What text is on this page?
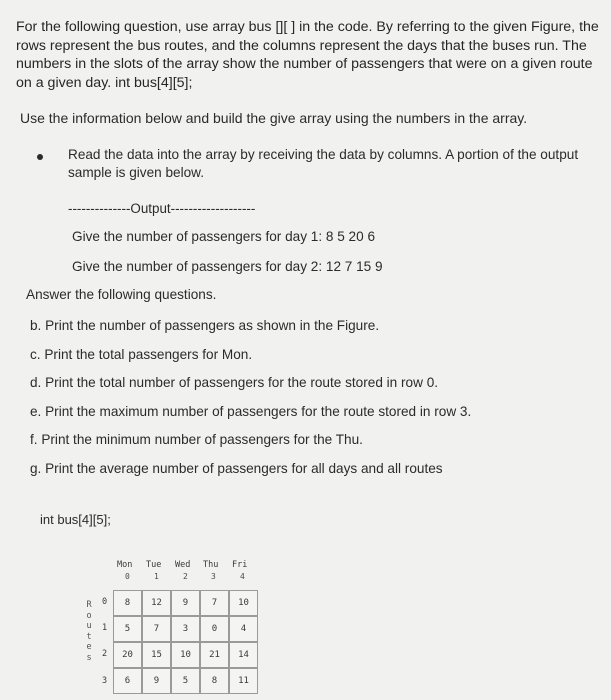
For the following question, use array bus [][ ] in the code. By referring to the given Figure, the rows represent the bus routes, and the columns represent the days that the buses run. The numbers in the slots of the array show the number of passengers that were on a given route on a given day. int bus[4][5];
Use the information below and build the give array using the numbers in the array.
Read the data into the array by receiving the data by columns. A portion of the output sample is given below.
--------------Output-------------------
Give the number of passengers for day 1: 8 5 20 6
Give the number of passengers for day 2: 12 7 15 9
Answer the following questions.
b. Print the number of passengers as shown in the Figure.
c. Print the total passengers for Mon.
d. Print the total number of passengers for the route stored in row 0.
e. Print the maximum number of passengers for the route stored in row 3.
f. Print the minimum number of passengers for the Thu.
g. Print the average number of passengers for all days and all routes
int bus[4][5];
Mon Tue Wed Thu Fri
0	1	2	3	4
R
o
u
t
e
s
0
1
2
3
8	12	9	7	10
5	7	3	0	4
20	15	10	21	14
6	9	5	8	11
